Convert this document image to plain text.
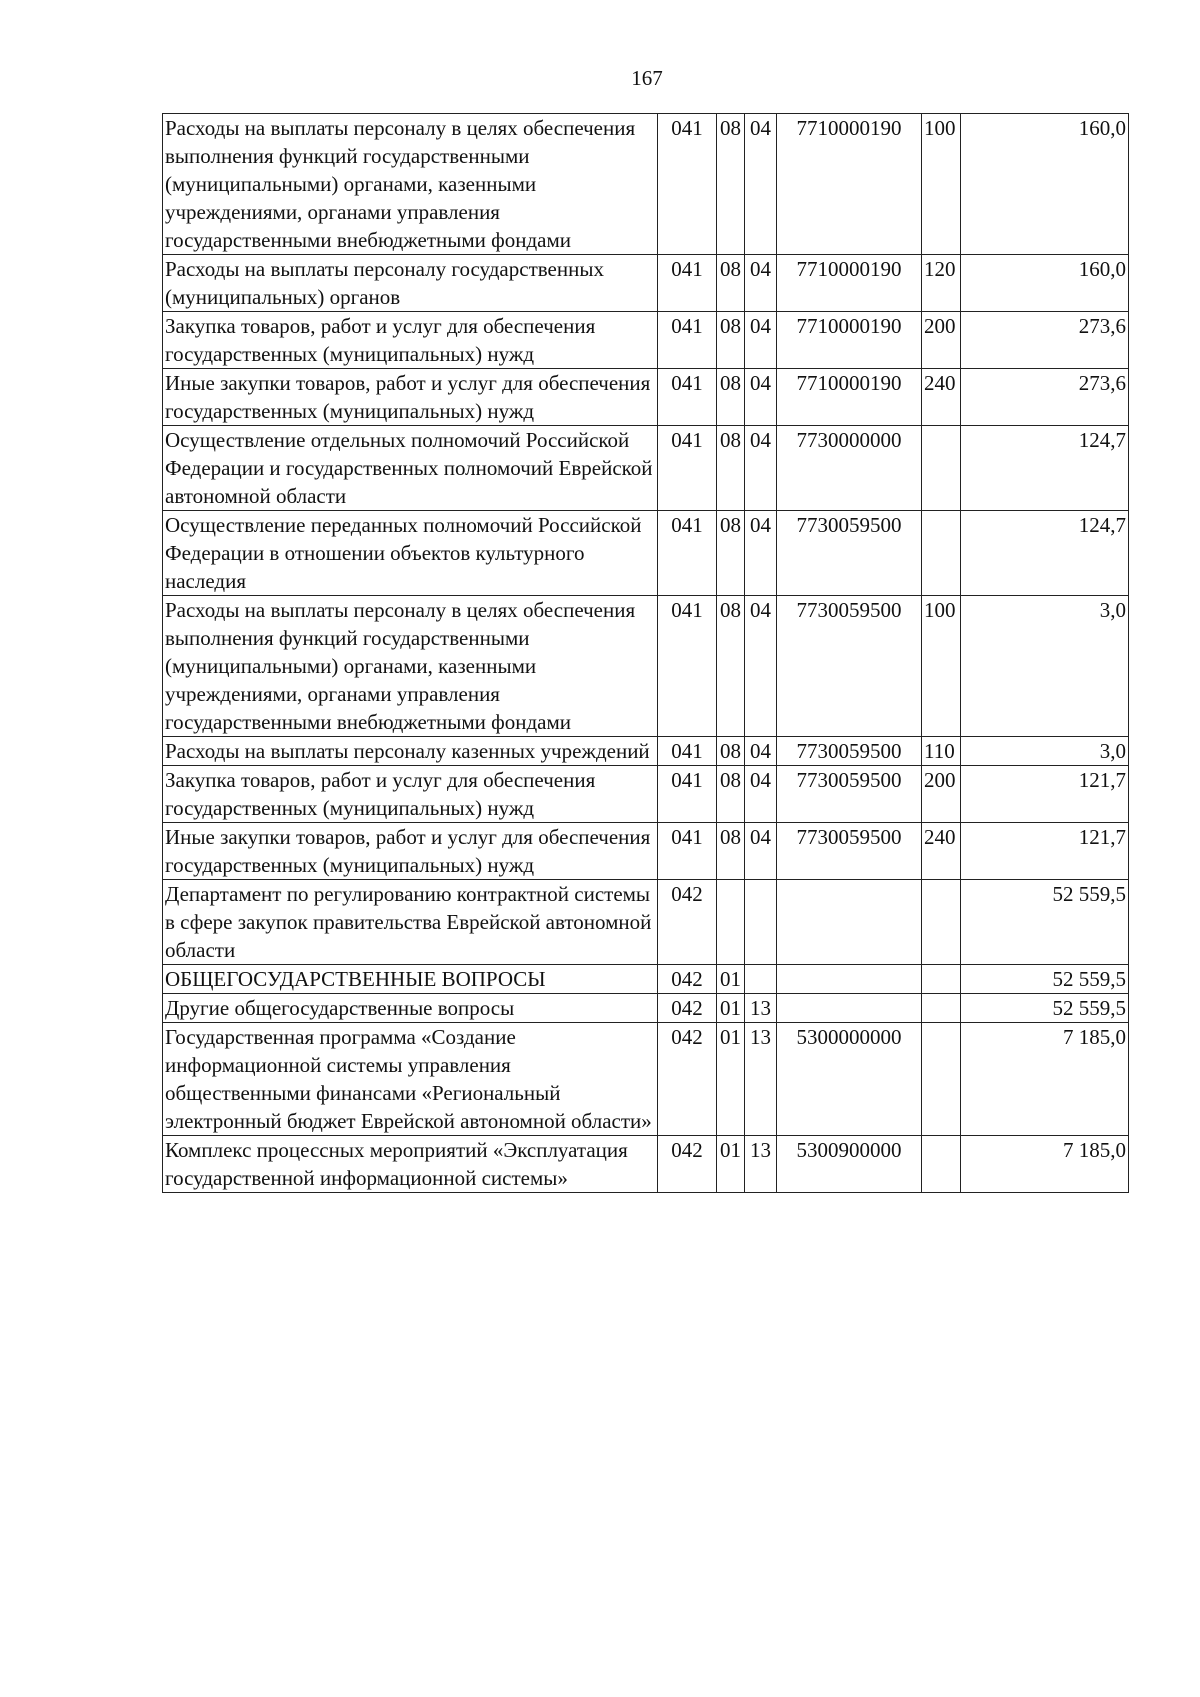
167
Расходы на выплаты персоналу в целях обеспечения выполнения функций государственными (муниципальными) органами, казенными учреждениями, органами управления государственными внебюджетными фондами	041	08	04	7710000190	100	160,0
Расходы на выплаты персоналу государственных (муниципальных) органов	041	08	04	7710000190	120	160,0
Закупка товаров, работ и услуг для обеспечения государственных (муниципальных) нужд	041	08	04	7710000190	200	273,6
Иные закупки товаров, работ и услуг для обеспечения государственных (муниципальных) нужд	041	08	04	7710000190	240	273,6
Осуществление отдельных полномочий Российской Федерации и государственных полномочий Еврейской автономной области	041	08	04	7730000000		124,7
Осуществление переданных полномочий Российской Федерации в отношении объектов культурного наследия	041	08	04	7730059500		124,7
Расходы на выплаты персоналу в целях обеспечения выполнения функций государственными (муниципальными) органами, казенными учреждениями, органами управления государственными внебюджетными фондами	041	08	04	7730059500	100	3,0
Расходы на выплаты персоналу казенных учреждений	041	08	04	7730059500	110	3,0
Закупка товаров, работ и услуг для обеспечения государственных (муниципальных) нужд	041	08	04	7730059500	200	121,7
Иные закупки товаров, работ и услуг для обеспечения государственных (муниципальных) нужд	041	08	04	7730059500	240	121,7
Департамент по регулированию контрактной системы в сфере закупок правительства Еврейской автономной области	042					52 559,5
ОБЩЕГОСУДАРСТВЕННЫЕ ВОПРОСЫ	042	01				52 559,5
Другие общегосударственные вопросы	042	01	13			52 559,5
Государственная программа «Создание информационной системы управления общественными финансами «Региональный электронный бюджет Еврейской автономной области»	042	01	13	5300000000		7 185,0
Комплекс процессных мероприятий «Эксплуатация государственной информационной системы»	042	01	13	5300900000		7 185,0
